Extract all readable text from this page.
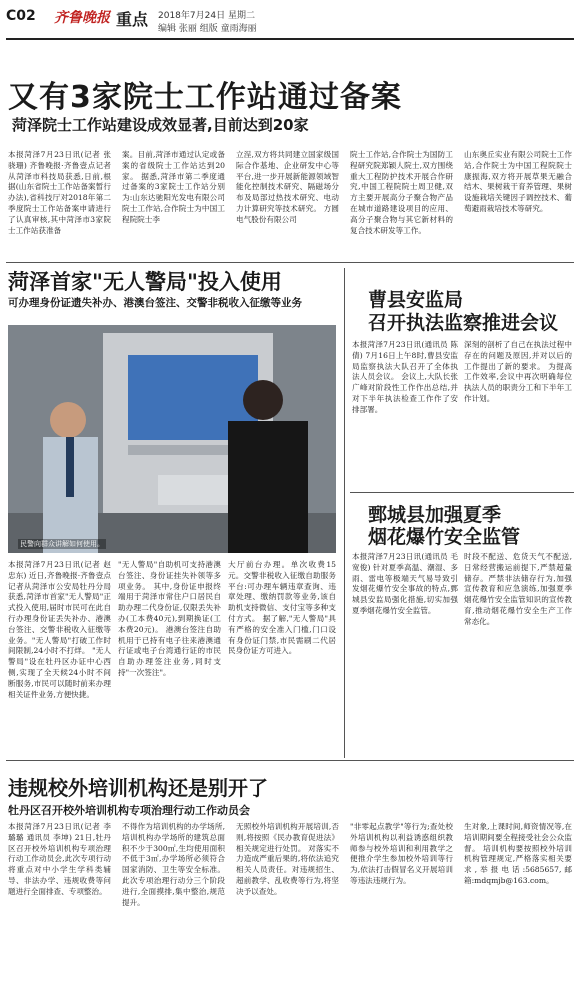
C02 齐鲁晚报 重点 2018年7月24日 星期二
编辑 张丽 组版 童雨海丽
又有3家院士工作站通过备案
菏泽院士工作站建设成效显著,目前达到20家
本报菏泽7月23日讯(记者 张骁珊) 齐鲁晚报·齐鲁壹点记者从菏泽市科技局获悉,日前,根据(山东省院士工作站备案暂行办法),省科技厅对2018年第二季度院士工作站备案申请进行了认真审核,其中菏泽市3家院士工作站获准备
案。目前,菏泽市通过认定或备案的省级院士工作站达到20家。 据悉,菏泽市第二季度通过备案的3家院士工作站分别为:山东达驰阳光发电有限公司院士工作站,合作院士为中国工程院院士李
立浧,双方将共同建立国家级国际合作基地、企业研发中心等平台,进一步开展新能源领域智能化控制技术研究、隔磁场分布及局部过热技术研究、电动力计算研究等技术研究。 方圆电气股份有限公司
院士工作站,合作院士为国防工程研究院郑颖人院士,双方围绕重大工程防护技术开展合作研究,中国工程院院士周卫健,双方主要开展高分子聚合物产品在城市道路建设项目的应用、高分子聚合物与其它新材料的复合技术研发等工作。
山东奥丘实业有限公司院士工作站,合作院士为中国工程院院士康振海,双方将开展草果无融合结木、果树栽干育养管理、果树设施栽培关键因子调控技术、葡萄避雨栽培技术等研究。
菏泽首家"无人警局"投入使用
可办理身份证遗失补办、港澳台签注、交警非税收入征缴等业务
民警向群众讲解如何使用。
本报菏泽7月23日讯(记者 赵忠东) 近日,齐鲁晚报·齐鲁壹点记者从菏泽市公安局牡丹分局获悉,菏泽市首家"无人警局"正式投入使用,届时市民可在此自行办理身份证丢失补办、港澳台签注、交警非税收入征缴等业务。"无人警局"打破工作时间限制,24小时不打烊。 "无人警局"设在牡丹区办证中心西侧,实现了全天候24小时不间断服务,市民可以随时前来办理相关证件业务,方便快捷。
"无人警局"自助机可支持港澳台签注、身份证挂失补领等多项业务。 其中,身份证申报终端用于菏泽市常住户口居民自助办理二代身份证,仅限丢失补办(工本费40元),到期换证(工本费20元)。 港澳台签注自助机用于已持有电子往来港澳通行证或电子台湾通行证的市民自助办理签注业务,同时支持"一次签注"。
大厅前台办理。单次收费15元。交警非税收入征缴自助服务平台:可办理车辆违章查询、违章处理、缴纳罚款等业务,该自助机支持微信、支付宝等多种支付方式。 据了解,"无人警局"具有严格的安全准入门槛,门口设有身份证门禁,市民需刷二代居民身份证方可进入。
曹县安监局
召开执法监察推进会议
本报菏泽7月23日讯(通讯员 陈倩) 7月16日上午8时,曹县安监局监察执法大队召开了全体执法人员会议。 会议上,大队长张广峰对阶段性工作作出总结,并对下半年执法检查工作作了安排部署。
深刻的剖析了自己在执法过程中存在的问题及原因,并对以后的工作提出了新的要求。 为提高工作效率,会议中再次明确每位执法人员的职责分工和下半年工作计划。
鄄城县加强夏季
烟花爆竹安全监管
本报菏泽7月23日讯(通讯员 毛宽俊) 针对夏季高温、潮湿、多雨、雷电等极端天气易导致引发烟花爆竹安全事故的特点,鄄城县安监局强化措施,切实加强夏季烟花爆竹安全监管。
时段不配送、危货天气不配送,日常经营搬运前提下,严禁超量储存。严禁非法储存行为,加强宣传教育和应急演练,加强夏季烟花爆竹安全监管知识的宣传教育,推动烟花爆竹安全生产工作常态化。
违规校外培训机构还是别开了
牡丹区召开校外培训机构专项治理行动工作动员会
本报菏泽7月23日讯(记者 李璐璐 通讯员 李坤) 21日,牡丹区召开校外培训机构专项治理行动工作动员会,此次专项行动将重点对中小学生学科类辅导、非法办学、违规收费等问题进行全面排查、专项整治。
不得作为培训机构的办学场所,培训机构办学场所的建筑总面积不少于300㎡,生均使用面积不低于3㎡,办学场所必须符合国家消防、卫生等安全标准。 此次专项治理行动分三个阶段进行,全面摸排,集中整治,规范提升。
无照校外培训机构开展培训,否则,将按照《民办教育促进法》相关规定进行处罚。 对落实不力造成严重后果的,将依法追究相关人员责任。对违规招生、超前教学、乱收费等行为,将坚决予以查处。
"非零起点教学"等行为;查处校外培训机构以利益诱惑组织教师参与校外培训和利用教学之便推介学生参加校外培训等行为,依法打击假冒名义开展培训等违法违规行为。
生对象,上课时间,师资情况等,在培训期间要全程接受社会公众监督。 培训机构要按照校外培训机构管理规定,严格落实相关要求,举报电话:5685657,邮箱:mdqmjb@163.com。
